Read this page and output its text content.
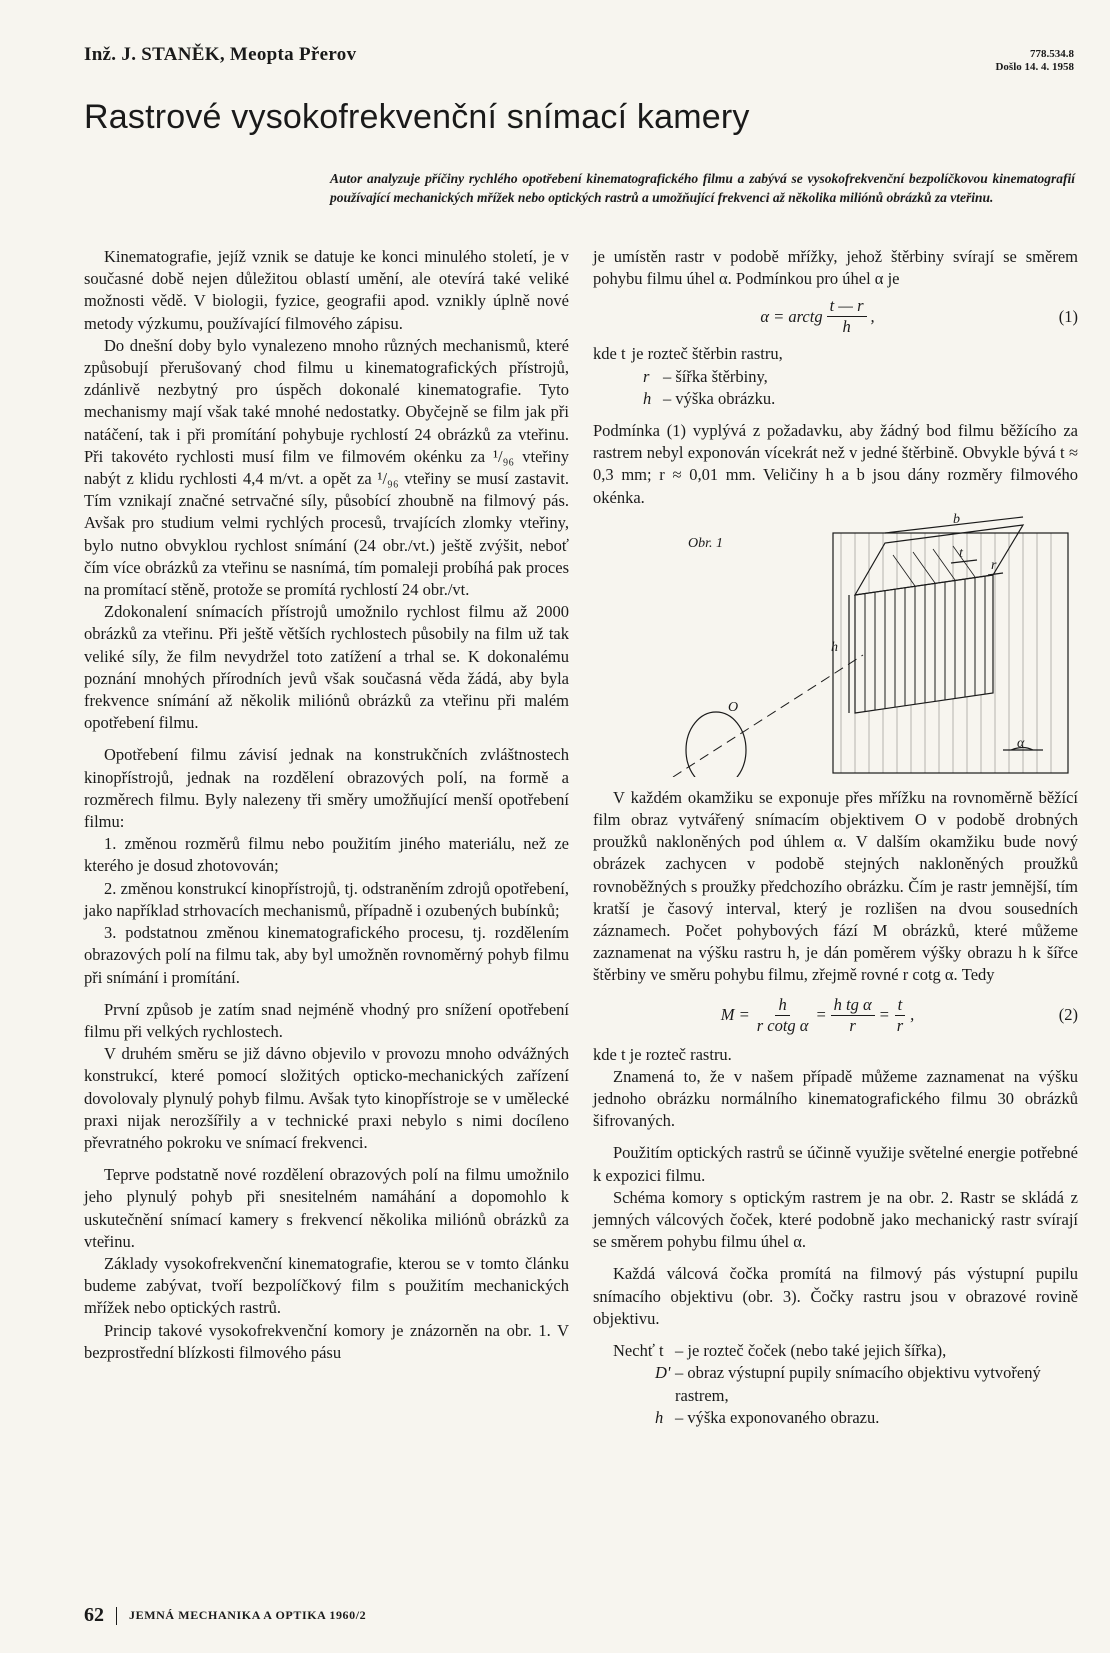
Inž. J. STANĚK, Meopta Přerov	778.534.8
Došlo 14. 4. 1958
Rastrové vysokofrekvenční snímací kamery

Autor analyzuje příčiny rychlého opotřebení kinematografického filmu a zabývá se vysokofrekvenční bezpolíčkovou kinematografií používající mechanických mřížek nebo optických rastrů a umožňující frekvenci až několika miliónů obrázků za vteřinu.

Kinematografie, jejíž vznik se datuje ke konci minulého století, je v současné době nejen důležitou oblastí umění, ale otevírá také veliké možnosti vědě. V biologii, fyzice, geografii apod. vznikly úplně nové metody výzkumu, používající filmového zápisu.

Do dnešní doby bylo vynalezeno mnoho různých mechanismů, které způsobují přerušovaný chod filmu u kinematografických přístrojů, zdánlivě nezbytný pro úspěch dokonalé kinematografie. Tyto mechanismy mají však také mnohé nedostatky. Obyčejně se film jak při natáčení, tak i při promítání pohybuje rychlostí 24 obrázků za vteřinu. Při takovéto rychlosti musí film ve filmovém okénku za ¹/₉₆ vteřiny nabýt z klidu rychlosti 4,4 m/vt. a opět za ¹/₉₆ vteřiny se musí zastavit. Tím vznikají značné setrvačné síly, působící zhoubně na filmový pás. Avšak pro studium velmi rychlých procesů, trvajících zlomky vteřiny, bylo nutno obvyklou rychlost snímání (24 obr./vt.) ještě zvýšit, neboť čím více obrázků za vteřinu se nasnímá, tím pomaleji probíhá pak proces na promítací stěně, protože se promítá rychlostí 24 obr./vt.

Zdokonalení snímacích přístrojů umožnilo rychlost filmu až 2000 obrázků za vteřinu. Při ještě větších rychlostech působily na film už tak veliké síly, že film nevydržel toto zatížení a trhal se. K dokonalému poznání mnohých přírodních jevů však současná věda žádá, aby byla frekvence snímání až několik miliónů obrázků za vteřinu při malém opotřebení filmu.

Opotřebení filmu závisí jednak na konstrukčních zvláštnostech kinopřístrojů, jednak na rozdělení obrazových polí, na formě a rozměrech filmu. Byly nalezeny tři směry umožňující menší opotřebení filmu:

1. změnou rozměrů filmu nebo použitím jiného materiálu, než ze kterého je dosud zhotovován;

2. změnou konstrukcí kinopřístrojů, tj. odstraněním zdrojů opotřebení, jako například strhovacích mechanismů, případně i ozubených bubínků;

3. podstatnou změnou kinematografického procesu, tj. rozdělením obrazových polí na filmu tak, aby byl umožněn rovnoměrný pohyb filmu při snímání i promítání.

První způsob je zatím snad nejméně vhodný pro snížení opotřebení filmu při velkých rychlostech.

V druhém směru se již dávno objevilo v provozu mnoho odvážných konstrukcí, které pomocí složitých opticko-mechanických zařízení dovolovaly plynulý pohyb filmu. Avšak tyto kinopřístroje se v umělecké praxi nijak nerozšířily a v technické praxi nebylo s nimi docíleno převratného pokroku ve snímací frekvenci.

Teprve podstatně nové rozdělení obrazových polí na filmu umožnilo jeho plynulý pohyb při snesitelném namáhání a dopomohlo k uskutečnění snímací kamery s frekvencí několika miliónů obrázků za vteřinu.

Základy vysokofrekvenční kinematografie, kterou se v tomto článku budeme zabývat, tvoří bezpolíčkový film s použitím mechanických mřížek nebo optických rastrů.

Princip takové vysokofrekvenční komory je znázorněn na obr. 1. V bezprostřední blízkosti filmového pásu

je umístěn rastr v podobě mřížky, jehož štěrbiny svírají se směrem pohybu filmu úhel α. Podmínkou pro úhel α je

α = arctg $\frac{t — r}{h}$ ,	(1)
kde t je rozteč štěrbin rastru,
r – šířka štěrbiny,
h – výška obrázku.

Podmínka (1) vyplývá z požadavku, aby žádný bod filmu běžícího za rastrem nebyl exponován vícekrát než v jedné štěrbině. Obvykle bývá t ≈ 0,3 mm; r ≈ 0,01 mm. Veličiny h a b jsou dány rozměry filmového okénka.

Obr. 1
b
t
r
h
O
α

V každém okamžiku se exponuje přes mřížku na rovnoměrně běžící film obraz vytvářený snímacím objektivem O v podobě drobných proužků nakloněných pod úhlem α. V dalším okamžiku bude nový obrázek zachycen v podobě stejných nakloněných proužků rovnoběžných s proužky předchozího obrázku. Čím je rastr jemnější, tím kratší je časový interval, který je rozlišen na dvou sousedních záznamech. Počet pohybových fází M obrázků, které můžeme zaznamenat na výšku rastru h, je dán poměrem výšky obrazu h k šířce štěrbiny ve směru pohybu filmu, zřejmě rovné r cotg α. Tedy

$M = \frac{h}{\text{r cotg α}} = \frac{\text{h tg α}}{r} = \frac{t}{r}$ ,	(2)

kde t je rozteč rastru.

Znamená to, že v našem případě můžeme zaznamenat na výšku jednoho obrázku normálního kinematografického filmu 30 obrázků šifrovaných.

Použitím optických rastrů se účinně využije světelné energie potřebné k expozici filmu.

Schéma komory s optickým rastrem je na obr. 2. Rastr se skládá z jemných válcových čoček, které podobně jako mechanický rastr svírají se směrem pohybu filmu úhel α.

Každá válcová čočka promítá na filmový pás výstupní pupilu snímacího objektivu (obr. 3). Čočky rastru jsou v obrazové rovině objektivu.

Nechť t – je rozteč čoček (nebo také jejich šířka),
D' – obraz výstupní pupily snímacího objektivu vytvořený rastrem,
h – výška exponovaného obrazu.
62 JEMNÁ MECHANIKA A OPTIKA 1960/2
